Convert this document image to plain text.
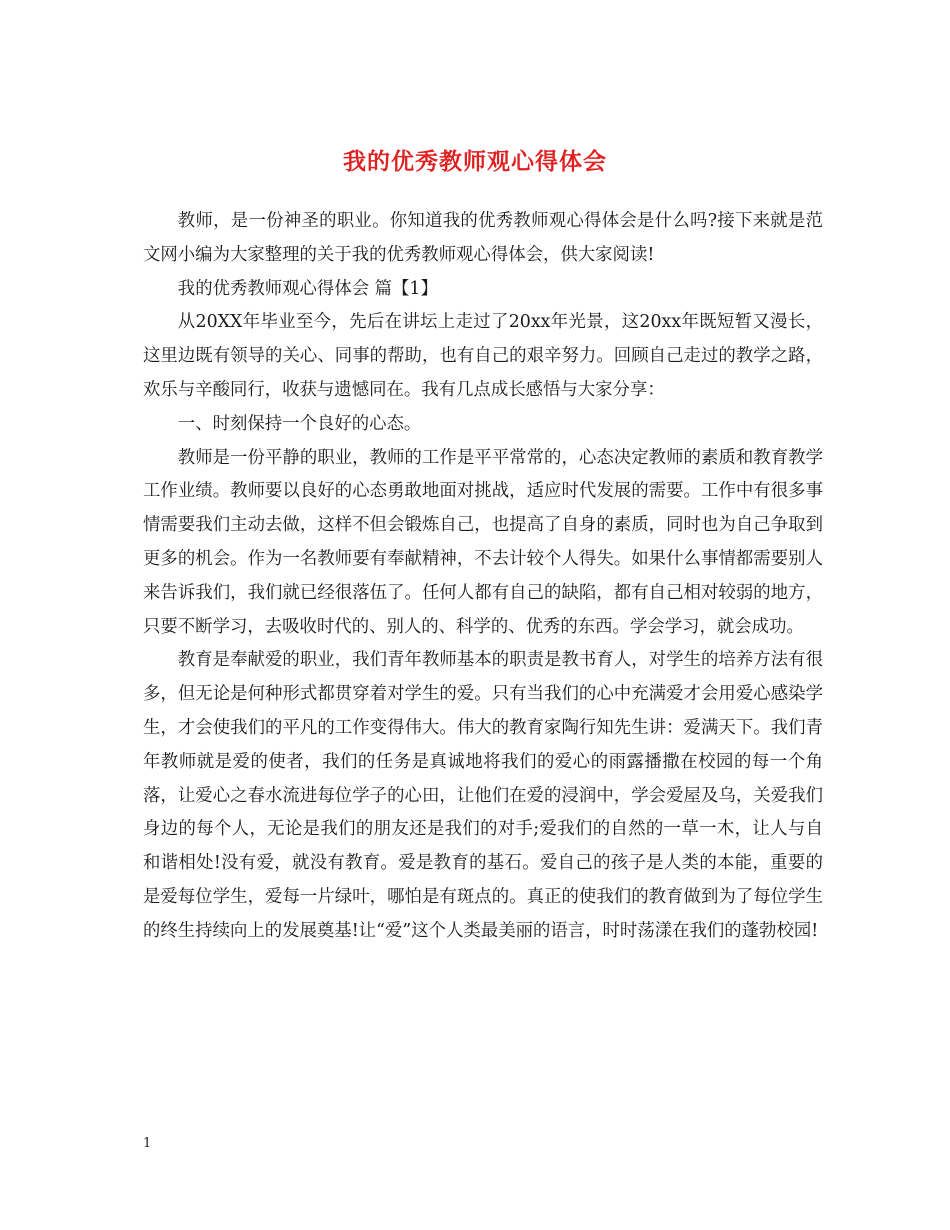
我的优秀教师观心得体会

教师，是一份神圣的职业。你知道我的优秀教师观心得体会是什么吗?接下来就是范文网小编为大家整理的关于我的优秀教师观心得体会，供大家阅读!

我的优秀教师观心得体会 篇【1】

从20XX年毕业至今，先后在讲坛上走过了20xx年光景，这20xx年既短暂又漫长，这里边既有领导的关心、同事的帮助，也有自己的艰辛努力。回顾自己走过的教学之路，欢乐与辛酸同行，收获与遗憾同在。我有几点成长感悟与大家分享：

一、时刻保持一个良好的心态。

教师是一份平静的职业，教师的工作是平平常常的，心态决定教师的素质和教育教学工作业绩。教师要以良好的心态勇敢地面对挑战，适应时代发展的需要。工作中有很多事情需要我们主动去做，这样不但会锻炼自己，也提高了自身的素质，同时也为自己争取到更多的机会。作为一名教师要有奉献精神，不去计较个人得失。如果什么事情都需要别人来告诉我们，我们就已经很落伍了。任何人都有自己的缺陷，都有自己相对较弱的地方，只要不断学习，去吸收时代的、别人的、科学的、优秀的东西。学会学习，就会成功。

教育是奉献爱的职业，我们青年教师基本的职责是教书育人，对学生的培养方法有很多，但无论是何种形式都贯穿着对学生的爱。只有当我们的心中充满爱才会用爱心感染学生，才会使我们的平凡的工作变得伟大。伟大的教育家陶行知先生讲：爱满天下。我们青年教师就是爱的使者，我们的任务是真诚地将我们的爱心的雨露播撒在校园的每一个角落，让爱心之春水流进每位学子的心田，让他们在爱的浸润中，学会爱屋及乌，关爱我们身边的每个人，无论是我们的朋友还是我们的对手;爱我们的自然的一草一木，让人与自和谐相处!没有爱，就没有教育。爱是教育的基石。爱自己的孩子是人类的本能，重要的是爱每位学生，爱每一片绿叶，哪怕是有斑点的。真正的使我们的教育做到为了每位学生的终生持续向上的发展奠基!让“爱”这个人类最美丽的语言，时时荡漾在我们的蓬勃校园!

1
